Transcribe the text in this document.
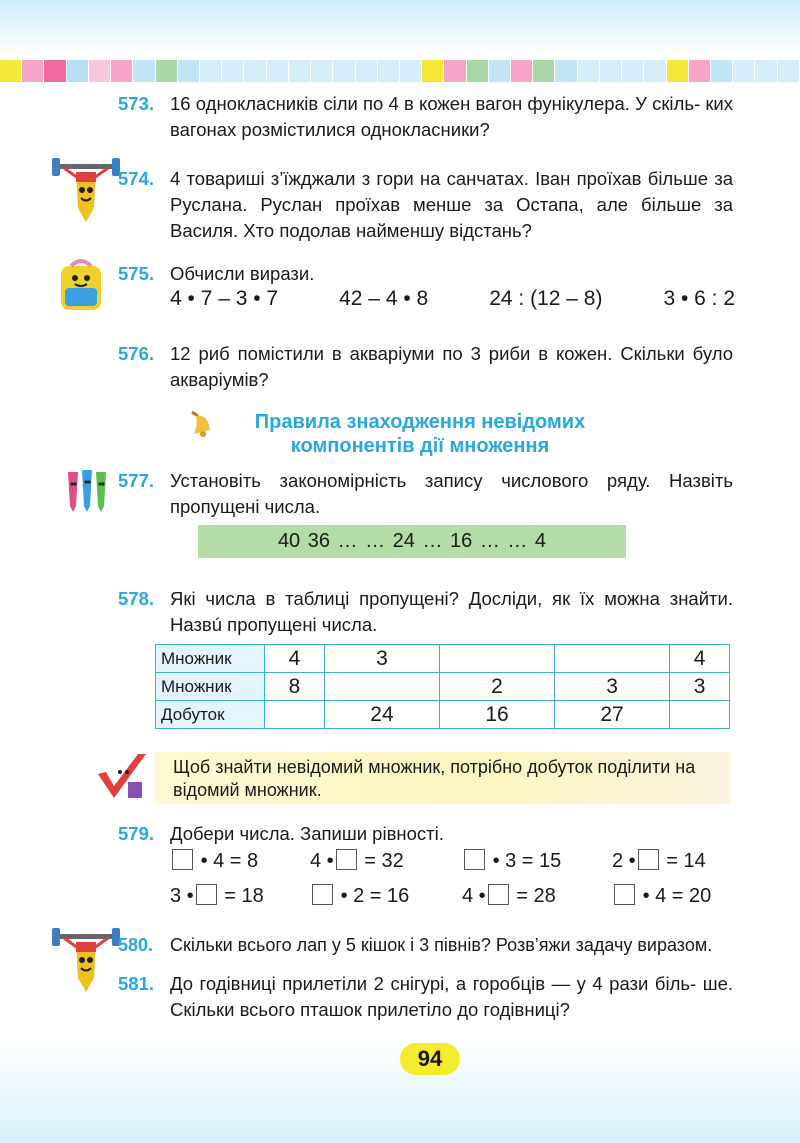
573. 16 однокласників сіли по 4 в кожен вагон фунікулера. У скіль- ких вагонах розмістилися однокласники?
574. 4 товариші з’їжджали з гори на санчатах. Іван проїхав більше за Руслана. Руслан проїхав менше за Остапа, але більше за Василя. Хто подолав найменшу відстань?
575. Обчисли вирази.
4 • 7 – 3 • 7	42 – 4 • 8	24 : (12 – 8)	3 • 6 : 2
576. 12 риб помістили в акваріуми по 3 риби в кожен. Скільки було акваріумів?
Правила знаходження невідомих
компонентів дії множення
577. Установіть закономірність запису числового ряду. Назвіть пропущені числа.
40 36 … … 24 … 16 … … 4
578. Які числа в таблиці пропущені? Досліди, як їх можна знайти. Назвú пропущені числа.
Множник	4	3			4
Множник	8		2	3	3
Добуток		24	16	27	
Щоб знайти невідомий множник, потрібно добуток поділити на відомий множник.
579. Добери числа. Запиши рівності.
• 4 = 8	4 • = 32	• 3 = 15	2 • = 14
3 • = 18	• 2 = 16	4 • = 28	• 4 = 20
580. Скільки всього лап у 5 кішок і 3 півнів? Розв’яжи задачу виразом.
581. До годівниці прилетіли 2 снігурі, а горобців — у 4 рази біль- ше. Скільки всього пташок прилетіло до годівниці?
94
